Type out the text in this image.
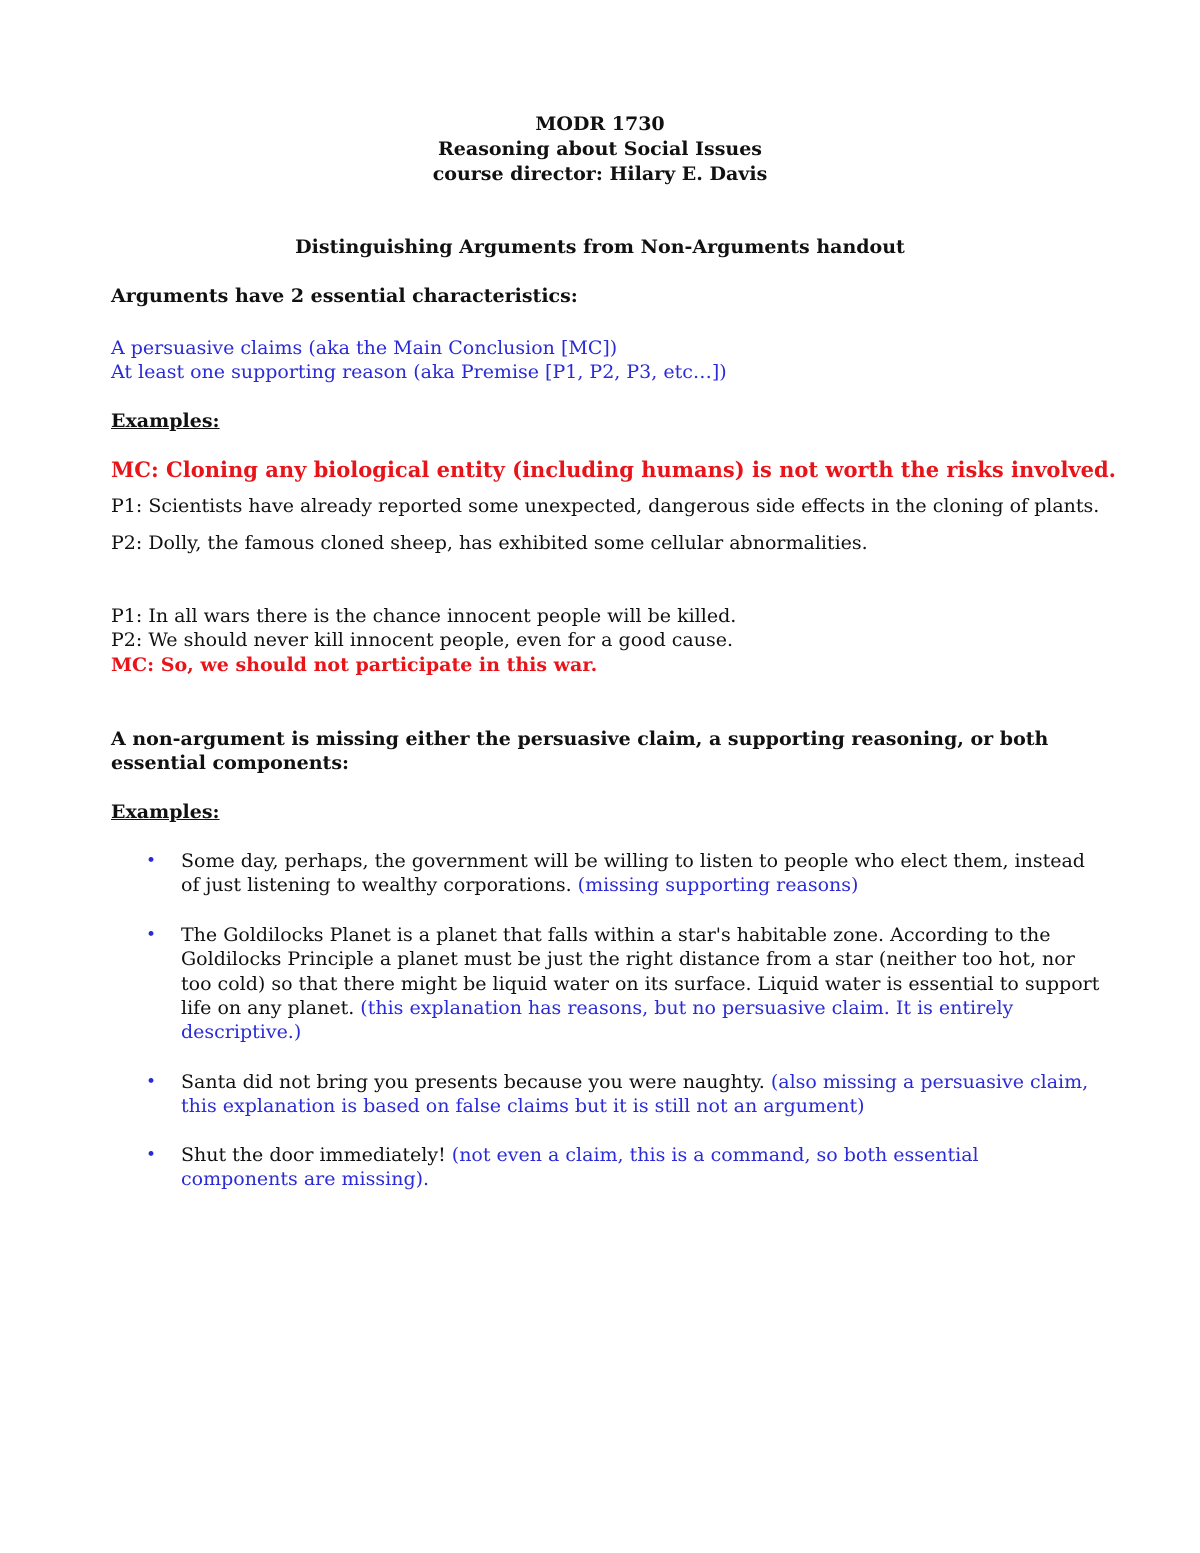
MODR 1730

Reasoning about Social Issues

course director: Hilary E. Davis

Distinguishing Arguments from Non-Arguments handout

Arguments have 2 essential characteristics:

A persuasive claims (aka the Main Conclusion [MC])

At least one supporting reason (aka Premise [P1, P2, P3, etc…])

Examples:

MC: Cloning any biological entity (including humans) is not worth the risks involved.

P1: Scientists have already reported some unexpected, dangerous side effects in the cloning of plants.

P2: Dolly, the famous cloned sheep, has exhibited some cellular abnormalities.

P1: In all wars there is the chance innocent people will be killed.

P2: We should never kill innocent people, even for a good cause.

MC: So, we should not participate in this war.

A non-argument is missing either the persuasive claim, a supporting reasoning, or both

essential components:

Examples:

• Some day, perhaps, the government will be willing to listen to people who elect them, instead

of just listening to wealthy corporations. (missing supporting reasons)

• The Goldilocks Planet is a planet that falls within a star's habitable zone. According to the

Goldilocks Principle a planet must be just the right distance from a star (neither too hot, nor

too cold) so that there might be liquid water on its surface. Liquid water is essential to support

life on any planet. (this explanation has reasons, but no persuasive claim. It is entirely

descriptive.)

• Santa did not bring you presents because you were naughty. (also missing a persuasive claim,

this explanation is based on false claims but it is still not an argument)

• Shut the door immediately! (not even a claim, this is a command, so both essential

components are missing).
